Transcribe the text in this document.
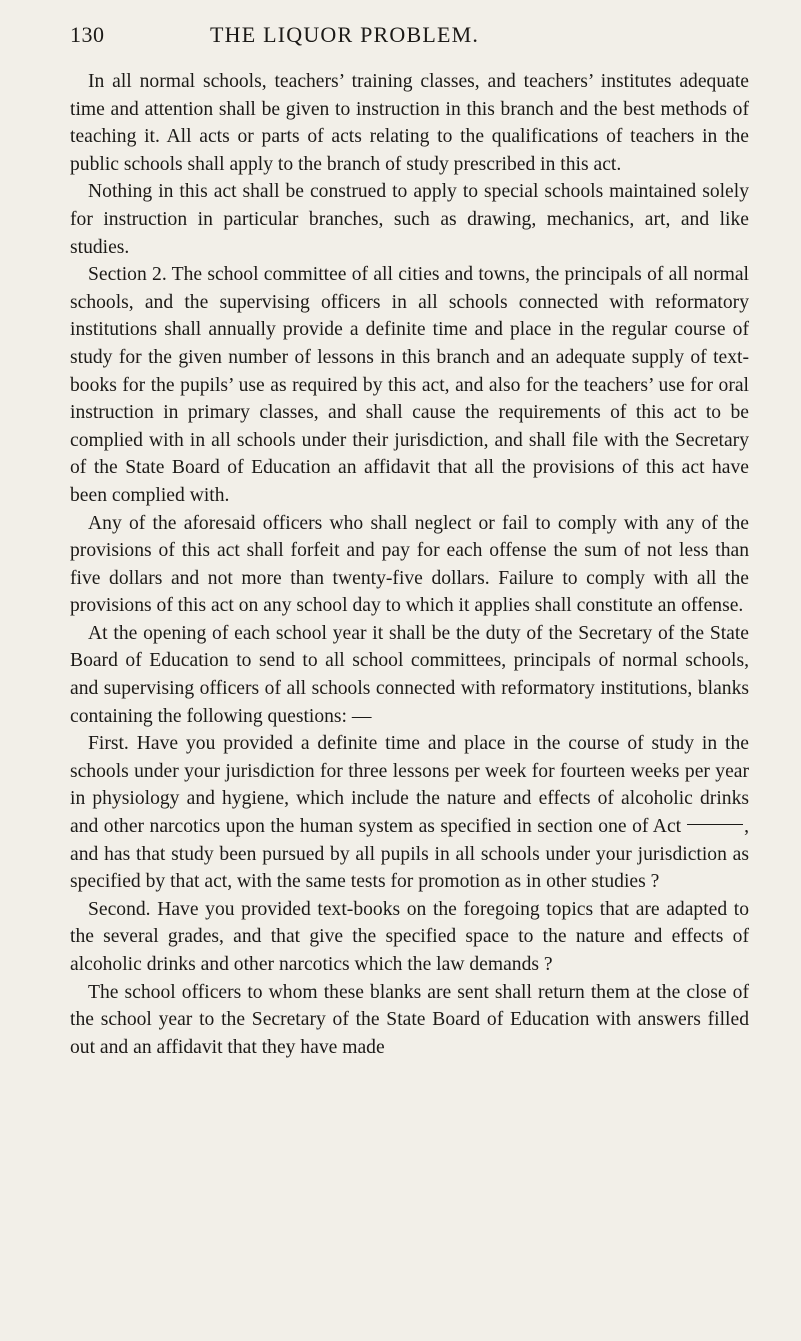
130	THE LIQUOR PROBLEM.

In all normal schools, teachers’ training classes, and teachers’ institutes adequate time and attention shall be given to instruction in this branch and the best methods of teaching it. All acts or parts of acts relating to the qualifications of teachers in the public schools shall apply to the branch of study prescribed in this act.

Nothing in this act shall be construed to apply to special schools maintained solely for instruction in particular branches, such as drawing, mechanics, art, and like studies.

Section 2. The school committee of all cities and towns, the principals of all normal schools, and the supervising officers in all schools connected with reformatory institutions shall annually provide a definite time and place in the regular course of study for the given number of lessons in this branch and an adequate supply of text-books for the pupils’ use as required by this act, and also for the teachers’ use for oral instruction in primary classes, and shall cause the requirements of this act to be complied with in all schools under their jurisdiction, and shall file with the Secretary of the State Board of Education an affidavit that all the provisions of this act have been complied with.

Any of the aforesaid officers who shall neglect or fail to comply with any of the provisions of this act shall forfeit and pay for each offense the sum of not less than five dollars and not more than twenty-five dollars. Failure to comply with all the provisions of this act on any school day to which it applies shall constitute an offense.

At the opening of each school year it shall be the duty of the Secretary of the State Board of Education to send to all school committees, principals of normal schools, and supervising officers of all schools connected with reformatory institutions, blanks containing the following questions: —

First. Have you provided a definite time and place in the course of study in the schools under your jurisdiction for three lessons per week for fourteen weeks per year in physiology and hygiene, which include the nature and effects of alcoholic drinks and other narcotics upon the human system as specified in section one of Act	, and has that study been pursued by all pupils in all schools under your jurisdiction as specified by that act, with the same tests for promotion as in other studies ?

Second. Have you provided text-books on the foregoing topics that are adapted to the several grades, and that give the specified space to the nature and effects of alcoholic drinks and other narcotics which the law demands ?

The school officers to whom these blanks are sent shall return them at the close of the school year to the Secretary of the State Board of Education with answers filled out and an affidavit that they have made
